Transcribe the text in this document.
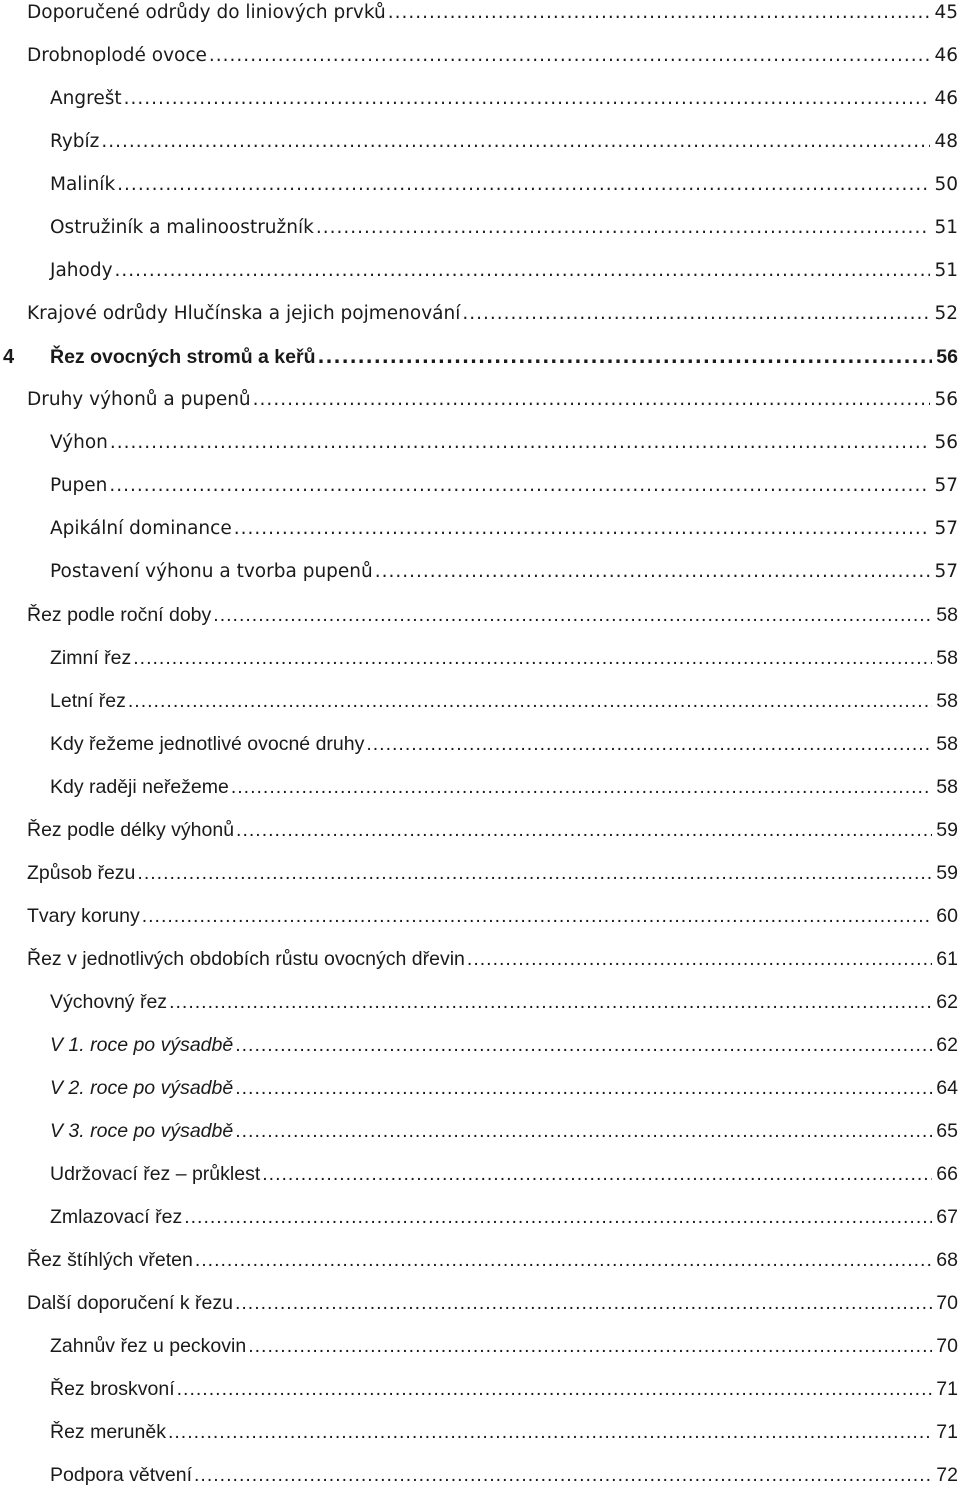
Doporučené odrůdy do liniových prvků .....	45
Drobnoplodé ovoce .....	46
Angrešt .....	46
Rybíz .....	48
Maliník .....	50
Ostružiník a malinoostružník .....	51
Jahody .....	51
Krajové odrůdy Hlučínska a jejich pojmenování .....	52
4 Řez ovocných stromů a keřů .....	56
Druhy výhonů a pupenů .....	56
Výhon .....	56
Pupen .....	57
Apikální dominance .....	57
Postavení výhonu a tvorba pupenů .....	57
Řez podle roční doby .....	58
Zimní řez .....	58
Letní řez .....	58
Kdy řežeme jednotlivé ovocné druhy .....	58
Kdy raději neřežeme .....	58
Řez podle délky výhonů .....	59
Způsob řezu .....	59
Tvary koruny .....	60
Řez v jednotlivých obdobích růstu ovocných dřevin .....	61
Výchovný řez .....	62
V 1. roce po výsadbě .....	62
V 2. roce po výsadbě .....	64
V 3. roce po výsadbě .....	65
Udržovací řez – průklest .....	66
Zmlazovací řez .....	67
Řez štíhlých vřeten .....	68
Další doporučení k řezu .....	70
Zahnův řez u peckovin .....	70
Řez broskvoní .....	71
Řez meruněk .....	71
Podpora větvení .....	72
